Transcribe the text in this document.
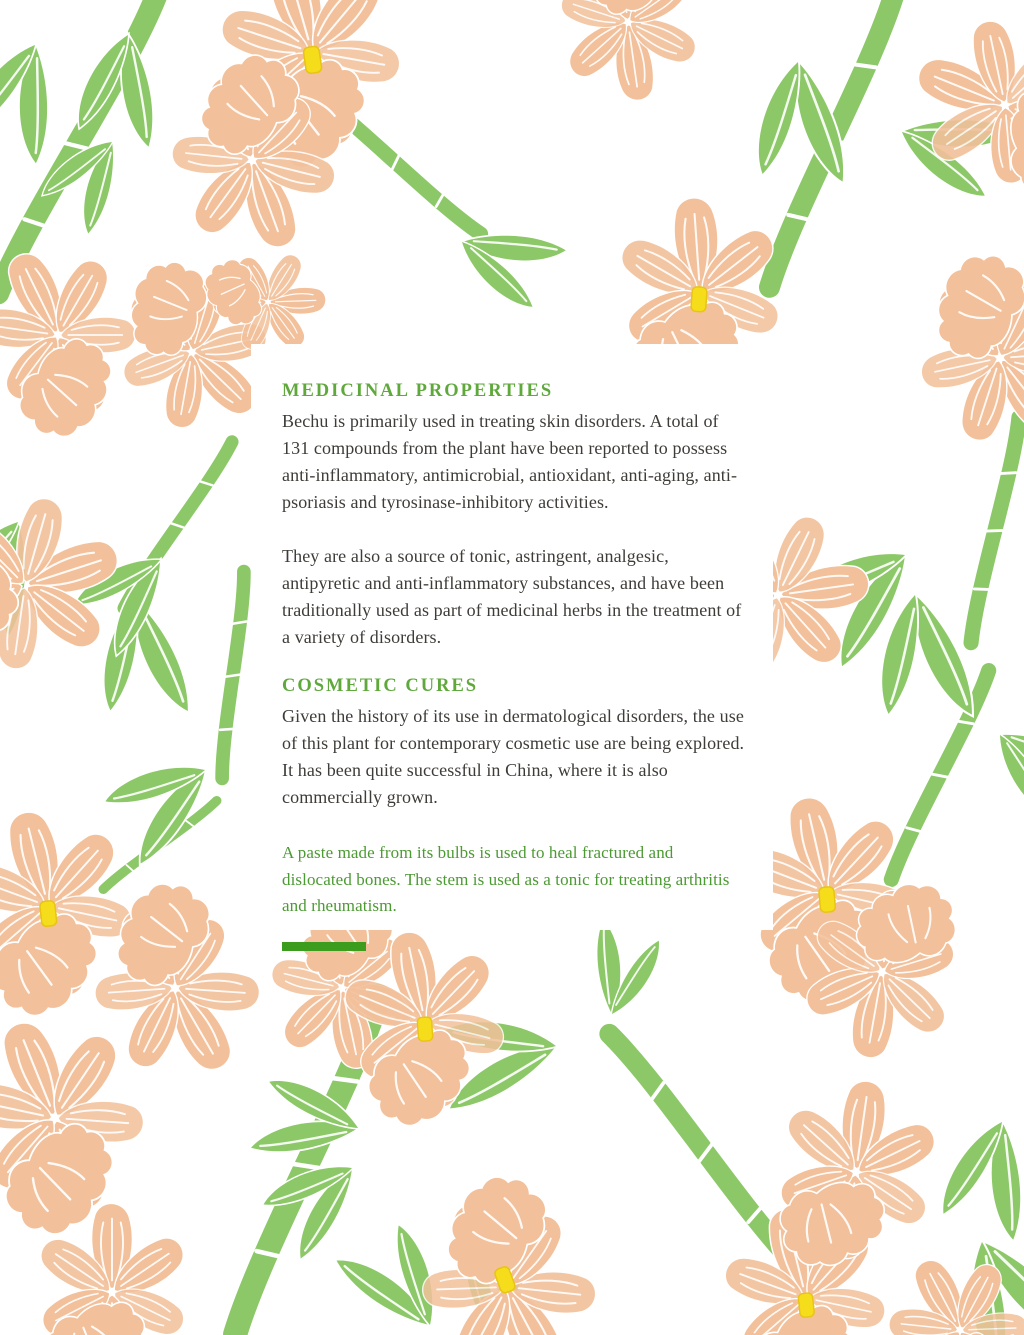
MEDICINAL PROPERTIES

Bechu is primarily used in treating skin disorders. A total of 131 compounds from the plant have been reported to possess anti-inflammatory, antimicrobial, antioxidant, anti-aging, anti-psoriasis and tyrosinase-inhibitory activities.

They are also a source of tonic, astringent, analgesic, antipyretic and anti-inflammatory substances, and have been traditionally used as part of medicinal herbs in the treatment of a variety of disorders.

COSMETIC CURES

Given the history of its use in dermatological disorders, the use of this plant for contemporary cosmetic use are being explored. It has been quite successful in China, where it is also commercially grown.

A paste made from its bulbs is used to heal fractured and dislocated bones. The stem is used as a tonic for treating arthritis and rheumatism.
